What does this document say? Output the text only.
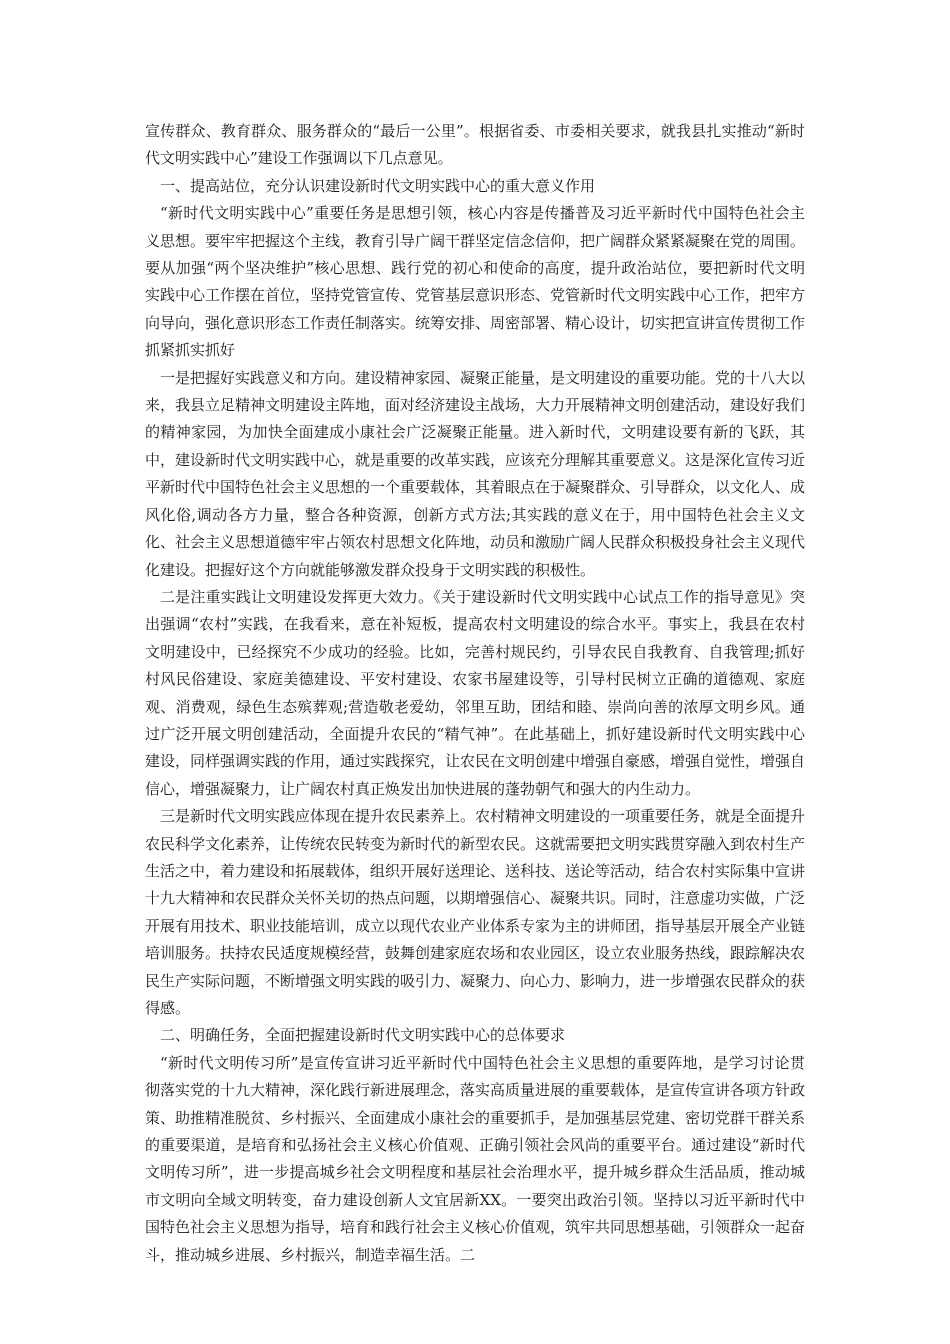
宣传群众、教育群众、服务群众的“最后一公里”。根据省委、市委相关要求，就我县扎实推动“新时代文明实践中心”建设工作强调以下几点意见。

一、提高站位，充分认识建设新时代文明实践中心的重大意义作用

“新时代文明实践中心”重要任务是思想引领，核心内容是传播普及习近平新时代中国特色社会主义思想。要牢牢把握这个主线，教育引导广阔干群坚定信念信仰，把广阔群众紧紧凝聚在党的周围。要从加强“两个坚决维护”核心思想、践行党的初心和使命的高度，提升政治站位，要把新时代文明实践中心工作摆在首位，坚持党管宣传、党管基层意识形态、党管新时代文明实践中心工作，把牢方向导向，强化意识形态工作责任制落实。统筹安排、周密部署、精心设计，切实把宣讲宣传贯彻工作抓紧抓实抓好

一是把握好实践意义和方向。建设精神家园、凝聚正能量，是文明建设的重要功能。党的十八大以来，我县立足精神文明建设主阵地，面对经济建设主战场，大力开展精神文明创建活动，建设好我们的精神家园，为加快全面建成小康社会广泛凝聚正能量。进入新时代，文明建设要有新的飞跃，其中，建设新时代文明实践中心，就是重要的改革实践，应该充分理解其重要意义。这是深化宣传习近平新时代中国特色社会主义思想的一个重要载体，其着眼点在于凝聚群众、引导群众，以文化人、成风化俗,调动各方力量，整合各种资源，创新方式方法;其实践的意义在于，用中国特色社会主义文化、社会主义思想道德牢牢占领农村思想文化阵地，动员和激励广阔人民群众积极投身社会主义现代化建设。把握好这个方向就能够激发群众投身于文明实践的积极性。

二是注重实践让文明建设发挥更大效力。《关于建设新时代文明实践中心试点工作的指导意见》突出强调“农村”实践，在我看来，意在补短板，提高农村文明建设的综合水平。事实上，我县在农村文明建设中，已经探究不少成功的经验。比如，完善村规民约，引导农民自我教育、自我管理;抓好村风民俗建设、家庭美德建设、平安村建设、农家书屋建设等，引导村民树立正确的道德观、家庭观、消费观，绿色生态殡葬观;营造敬老爱幼，邻里互助，团结和睦、崇尚向善的浓厚文明乡风。通过广泛开展文明创建活动，全面提升农民的“精气神”。在此基础上，抓好建设新时代文明实践中心建设，同样强调实践的作用，通过实践探究，让农民在文明创建中增强自豪感，增强自觉性，增强自信心，增强凝聚力，让广阔农村真正焕发出加快进展的蓬勃朝气和强大的内生动力。

三是新时代文明实践应体现在提升农民素养上。农村精神文明建设的一项重要任务，就是全面提升农民科学文化素养，让传统农民转变为新时代的新型农民。这就需要把文明实践贯穿融入到农村生产生活之中，着力建设和拓展载体，组织开展好送理论、送科技、送论等活动，结合农村实际集中宣讲十九大精神和农民群众关怀关切的热点问题，以期增强信心、凝聚共识。同时，注意虚功实做，广泛开展有用技术、职业技能培训，成立以现代农业产业体系专家为主的讲师团，指导基层开展全产业链培训服务。扶持农民适度规模经营，鼓舞创建家庭农场和农业园区，设立农业服务热线，跟踪解决农民生产实际问题，不断增强文明实践的吸引力、凝聚力、向心力、影响力，进一步增强农民群众的获得感。

二、明确任务，全面把握建设新时代文明实践中心的总体要求

“新时代文明传习所”是宣传宣讲习近平新时代中国特色社会主义思想的重要阵地，是学习讨论贯彻落实党的十九大精神，深化践行新进展理念，落实高质量进展的重要载体，是宣传宣讲各项方针政策、助推精准脱贫、乡村振兴、全面建成小康社会的重要抓手，是加强基层党建、密切党群干群关系的重要渠道，是培育和弘扬社会主义核心价值观、正确引领社会风尚的重要平台。通过建设“新时代文明传习所”，进一步提高城乡社会文明程度和基层社会治理水平，提升城乡群众生活品质，推动城市文明向全域文明转变，奋力建设创新人文宜居新XX。一要突出政治引领。坚持以习近平新时代中国特色社会主义思想为指导，培育和践行社会主义核心价值观，筑牢共同思想基础，引领群众一起奋斗，推动城乡进展、乡村振兴，制造幸福生活。二
